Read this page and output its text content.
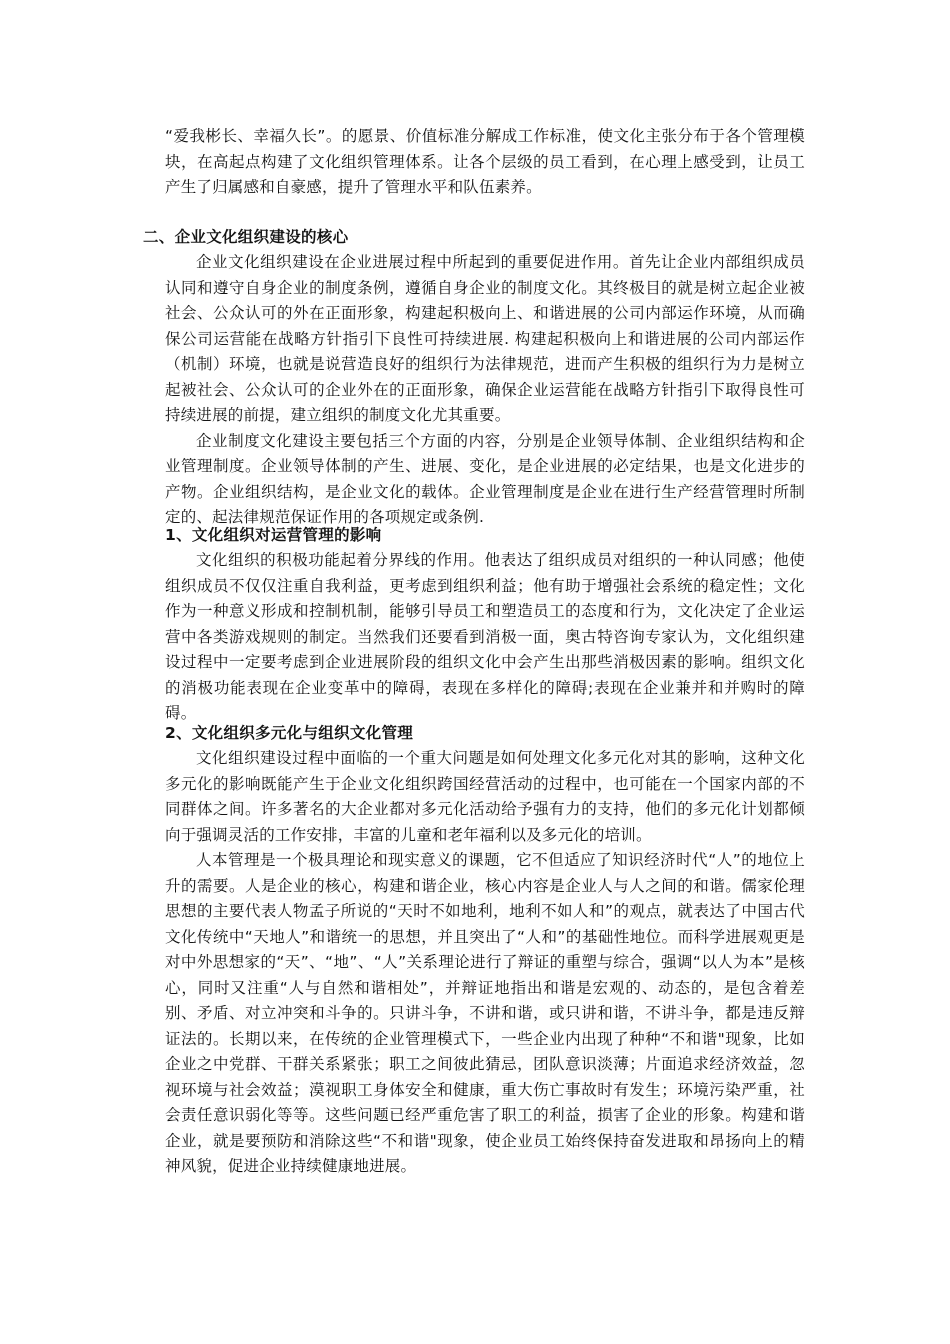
“爱我彬长、幸福久长”。的愿景、价值标准分解成工作标准，使文化主张分布于各个管理模块，在高起点构建了文化组织管理体系。让各个层级的员工看到，在心理上感受到，让员工产生了归属感和自豪感，提升了管理水平和队伍素养。

二、企业文化组织建设的核心

企业文化组织建设在企业进展过程中所起到的重要促进作用。首先让企业内部组织成员认同和遵守自身企业的制度条例，遵循自身企业的制度文化。其终极目的就是树立起企业被社会、公众认可的外在正面形象，构建起积极向上、和谐进展的公司内部运作环境，从而确保公司运营能在战略方针指引下良性可持续进展. 构建起积极向上和谐进展的公司内部运作（机制）环境，也就是说营造良好的组织行为法律规范，进而产生积极的组织行为力是树立起被社会、公众认可的企业外在的正面形象，确保企业运营能在战略方针指引下取得良性可持续进展的前提，建立组织的制度文化尤其重要。

企业制度文化建设主要包括三个方面的内容，分别是企业领导体制、企业组织结构和企业管理制度。企业领导体制的产生、进展、变化，是企业进展的必定结果，也是文化进步的产物。企业组织结构，是企业文化的载体。企业管理制度是企业在进行生产经营管理时所制定的、起法律规范保证作用的各项规定或条例.

1、文化组织对运营管理的影响

文化组织的积极功能起着分界线的作用。他表达了组织成员对组织的一种认同感；他使组织成员不仅仅注重自我利益，更考虑到组织利益；他有助于增强社会系统的稳定性；文化作为一种意义形成和控制机制，能够引导员工和塑造员工的态度和行为，文化决定了企业运营中各类游戏规则的制定。当然我们还要看到消极一面，奥古特咨询专家认为，文化组织建设过程中一定要考虑到企业进展阶段的组织文化中会产生出那些消极因素的影响。组织文化的消极功能表现在企业变革中的障碍，表现在多样化的障碍;表现在企业兼并和并购时的障碍。

2、文化组织多元化与组织文化管理

文化组织建设过程中面临的一个重大问题是如何处理文化多元化对其的影响，这种文化多元化的影响既能产生于企业文化组织跨国经营活动的过程中，也可能在一个国家内部的不同群体之间。许多著名的大企业都对多元化活动给予强有力的支持，他们的多元化计划都倾向于强调灵活的工作安排，丰富的儿童和老年福利以及多元化的培训。

人本管理是一个极具理论和现实意义的课题，它不但适应了知识经济时代“人”的地位上升的需要。人是企业的核心，构建和谐企业，核心内容是企业人与人之间的和谐。儒家伦理思想的主要代表人物孟子所说的“天时不如地利，地利不如人和”的观点，就表达了中国古代文化传统中“天地人”和谐统一的思想，并且突出了“人和”的基础性地位。而科学进展观更是对中外思想家的“天”、“地”、“人”关系理论进行了辩证的重塑与综合，强调“以人为本”是核心，同时又注重“人与自然和谐相处”，并辩证地指出和谐是宏观的、动态的，是包含着差别、矛盾、对立冲突和斗争的。只讲斗争，不讲和谐，或只讲和谐，不讲斗争，都是违反辩证法的。长期以来，在传统的企业管理模式下，一些企业内出现了种种“不和谐"现象，比如企业之中党群、干群关系紧张；职工之间彼此猜忌，团队意识淡薄；片面追求经济效益，忽视环境与社会效益；漠视职工身体安全和健康，重大伤亡事故时有发生；环境污染严重，社会责任意识弱化等等。这些问题已经严重危害了职工的利益，损害了企业的形象。构建和谐企业，就是要预防和消除这些“不和谐"现象，使企业员工始终保持奋发进取和昂扬向上的精神风貌，促进企业持续健康地进展。
